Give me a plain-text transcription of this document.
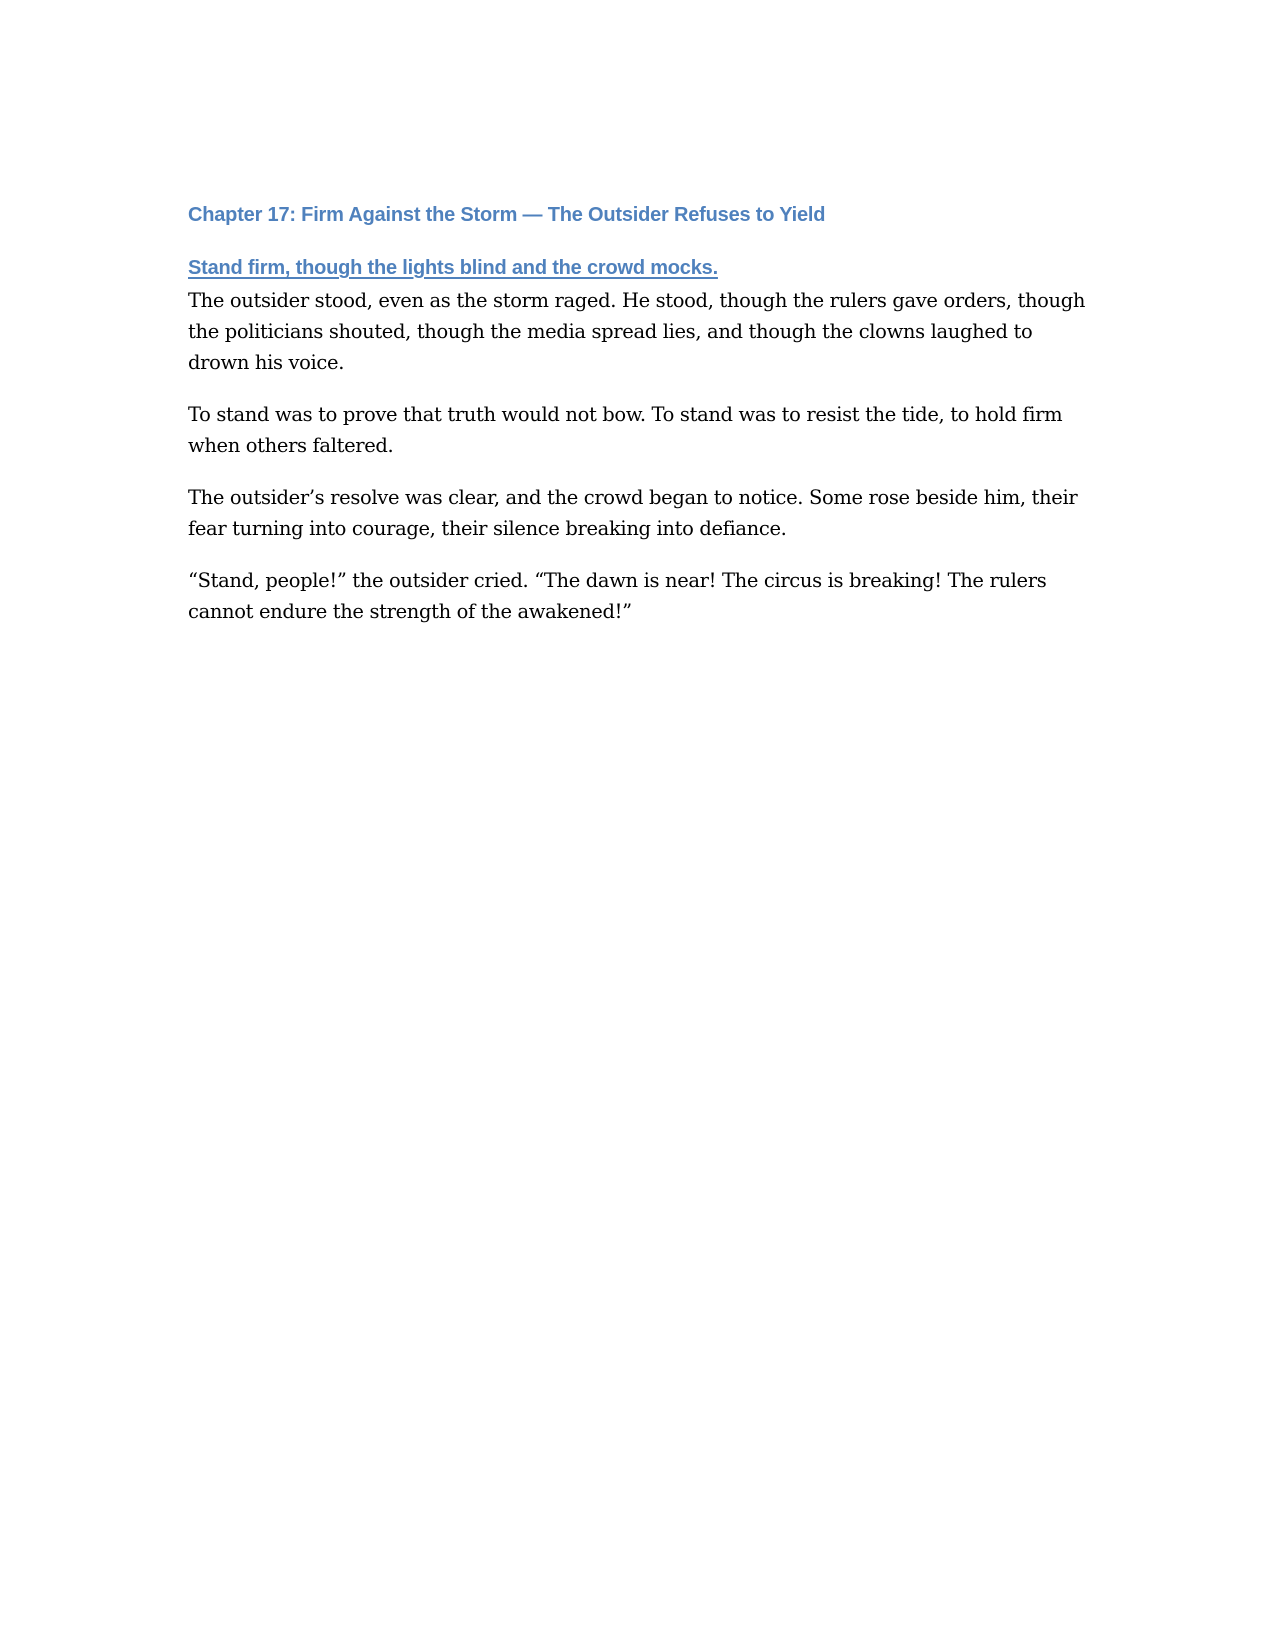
Chapter 17: Firm Against the Storm — The Outsider Refuses to Yield
Stand firm, though the lights blind and the crowd mocks.

The outsider stood, even as the storm raged. He stood, though the rulers gave orders, though the politicians shouted, though the media spread lies, and though the clowns laughed to drown his voice.

To stand was to prove that truth would not bow. To stand was to resist the tide, to hold firm when others faltered.

The outsider’s resolve was clear, and the crowd began to notice. Some rose beside him, their fear turning into courage, their silence breaking into defiance.

“Stand, people!” the outsider cried. “The dawn is near! The circus is breaking! The rulers cannot endure the strength of the awakened!”
